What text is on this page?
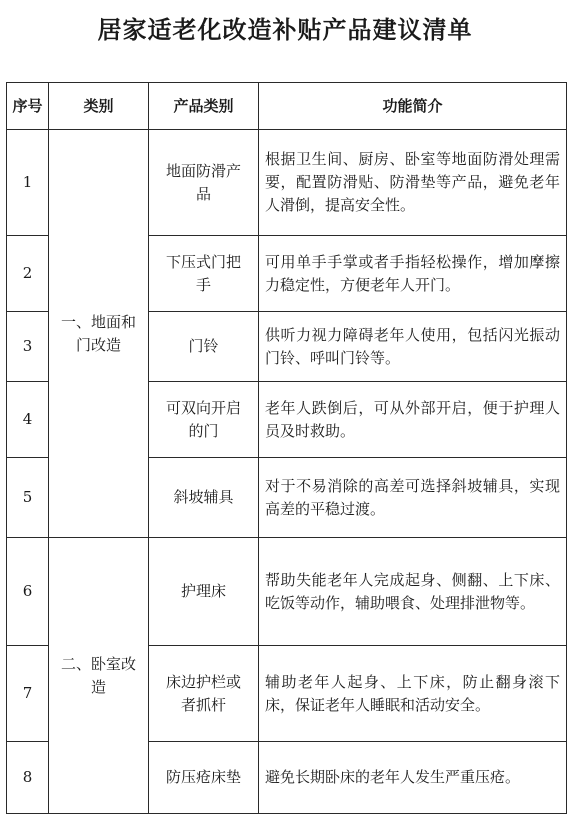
居家适老化改造补贴产品建议清单
序号	类别	产品类别	功能简介
1	一、地面和门改造	地面防滑产品	根据卫生间、厨房、卧室等地面防滑处理需要，配置防滑贴、防滑垫等产品，避免老年人滑倒，提高安全性。

2		下压式门把手	可用单手手掌或者手指轻松操作，增加摩擦力稳定性，方便老年人开门。

3		门铃	供听力视力障碍老年人使用，包括闪光振动门铃、呼叫门铃等。

4		可双向开启的门	老年人跌倒后，可从外部开启，便于护理人员及时救助。

5		斜坡辅具	对于不易消除的高差可选择斜坡辅具，实现高差的平稳过渡。

6	二、卧室改造	护理床	帮助失能老年人完成起身、侧翻、上下床、吃饭等动作，辅助喂食、处理排泄物等。

7		床边护栏或者抓杆	辅助老年人起身、上下床，防止翻身滚下床，保证老年人睡眠和活动安全。

8		防压疮床垫	避免长期卧床的老年人发生严重压疮。
